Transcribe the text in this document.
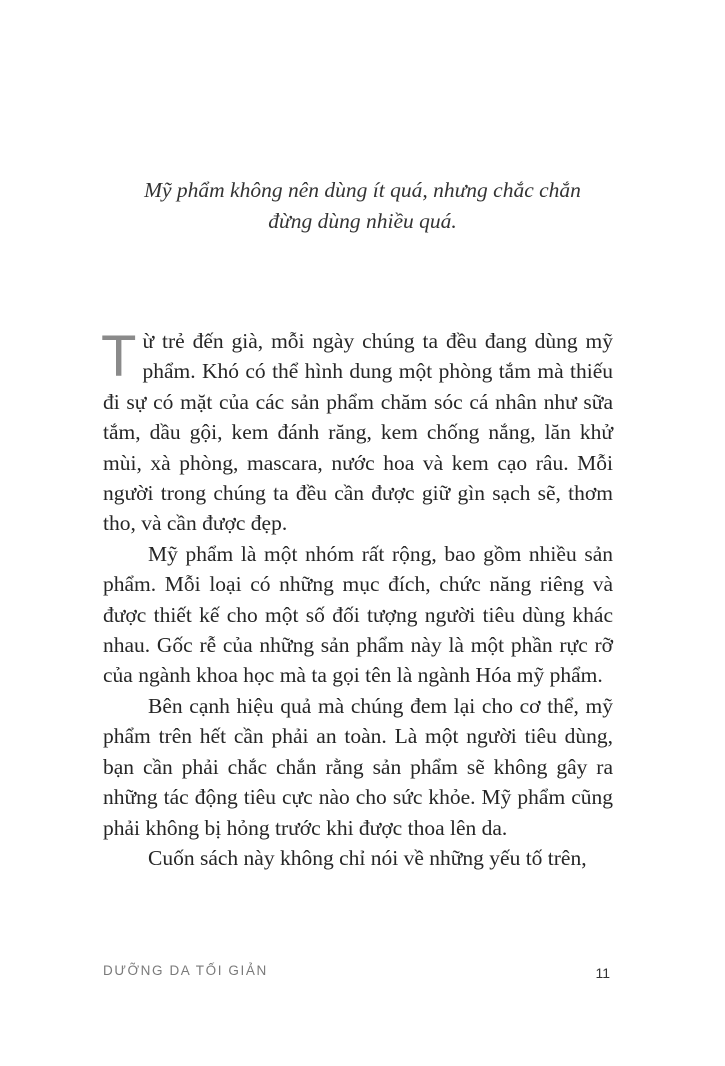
Mỹ phẩm không nên dùng ít quá, nhưng chắc chắn
đừng dùng nhiều quá.

Từ trẻ đến già, mỗi ngày chúng ta đều đang dùng mỹ phẩm. Khó có thể hình dung một phòng tắm mà thiếu đi sự có mặt của các sản phẩm chăm sóc cá nhân như sữa tắm, dầu gội, kem đánh răng, kem chống nắng, lăn khử mùi, xà phòng, mascara, nước hoa và kem cạo râu. Mỗi người trong chúng ta đều cần được giữ gìn sạch sẽ, thơm tho, và cần được đẹp.

Mỹ phẩm là một nhóm rất rộng, bao gồm nhiều sản phẩm. Mỗi loại có những mục đích, chức năng riêng và được thiết kế cho một số đối tượng người tiêu dùng khác nhau. Gốc rễ của những sản phẩm này là một phần rực rỡ của ngành khoa học mà ta gọi tên là ngành Hóa mỹ phẩm.

Bên cạnh hiệu quả mà chúng đem lại cho cơ thể, mỹ phẩm trên hết cần phải an toàn. Là một người tiêu dùng, bạn cần phải chắc chắn rằng sản phẩm sẽ không gây ra những tác động tiêu cực nào cho sức khỏe. Mỹ phẩm cũng phải không bị hỏng trước khi được thoa lên da.

Cuốn sách này không chỉ nói về những yếu tố trên,

DƯỠNG DA TỐI GIẢN	11
